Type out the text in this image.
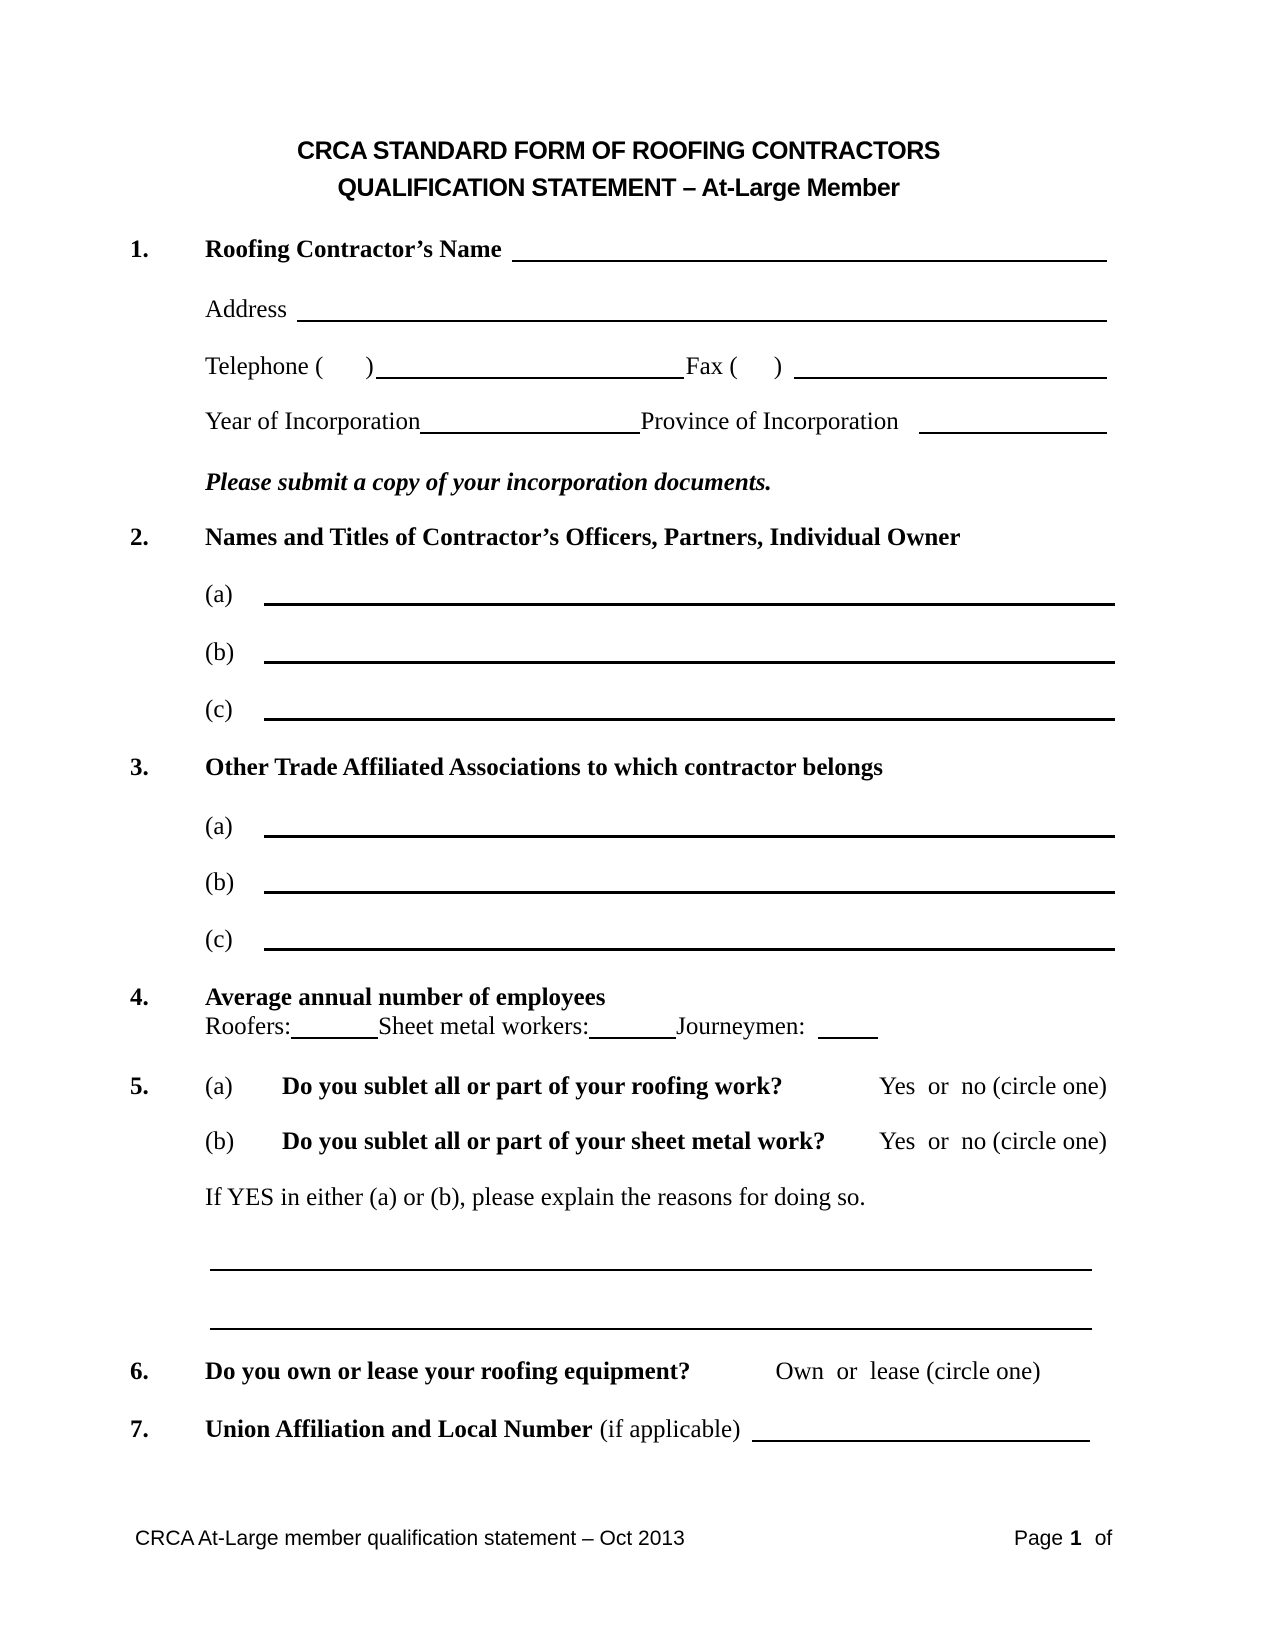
CRCA STANDARD FORM OF ROOFING CONTRACTORS
QUALIFICATION STATEMENT – At-Large Member
1.	Roofing Contractor’s Name
Address
Telephone ( )	Fax ( )
Year of Incorporation	Province of Incorporation
Please submit a copy of your incorporation documents.
2.	Names and Titles of Contractor’s Officers, Partners, Individual Owner
(a)
(b)
(c)
3.	Other Trade Affiliated Associations to which contractor belongs
(a)
(b)
(c)
4.	Average annual number of employees
Roofers:	Sheet metal workers:	Journeymen:
5.	(a)	Do you sublet all or part of your roofing work?	Yes  or  no (circle one)
(b)	Do you sublet all or part of your sheet metal work? Yes  or  no (circle one)
If YES in either (a) or (b), please explain the reasons for doing so.
6.	Do you own or lease your roofing equipment?	Own  or  lease (circle one)
7.	Union Affiliation and Local Number (if applicable)
CRCA At-Large member qualification statement – Oct 2013	Page 1 of
